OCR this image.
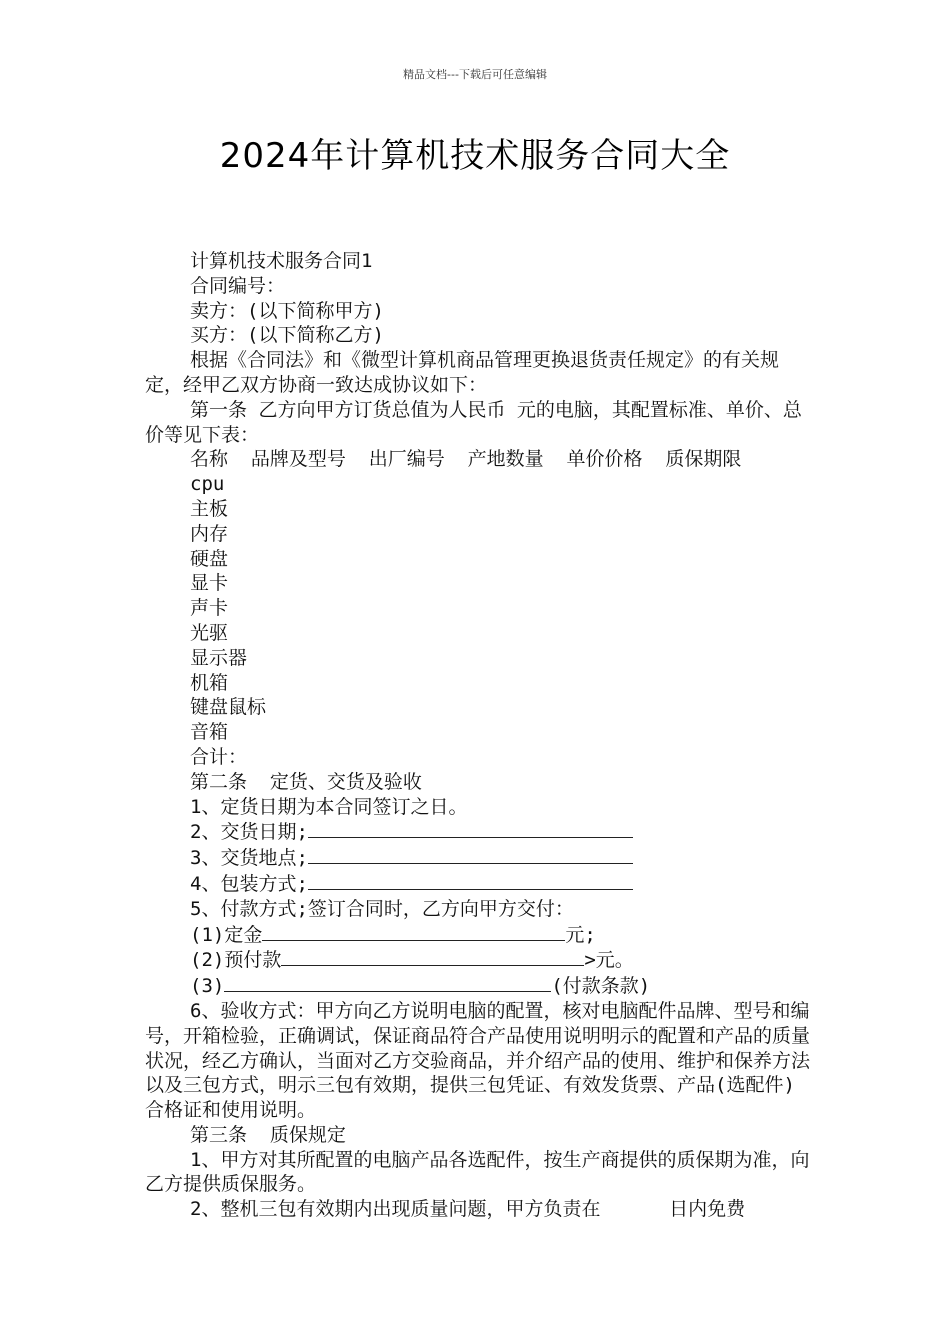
精品文档---下载后可任意编辑
2024年计算机技术服务合同大全
计算机技术服务合同1
合同编号：
卖方：(以下简称甲方)
买方：(以下简称乙方)

根据《合同法》和《微型计算机商品管理更换退货责任规定》的有关规定，经甲乙双方协商一致达成协议如下：

第一条 乙方向甲方订货总值为人民币 元的电脑，其配置标准、单价、总价等见下表：

名称  品牌及型号  出厂编号  产地数量  单价价格  质保期限
cpu
主板
内存
硬盘
显卡
声卡
光驱
显示器
机箱
键盘鼠标
音箱
合计：
第二条  定货、交货及验收
1、定货日期为本合同签订之日。
2、交货日期;
3、交货地点;
4、包装方式;
5、付款方式;签订合同时，乙方向甲方交付：
(1)定金	元;
(2)预付款	>元。
(3)	(付款条款)

6、验收方式：甲方向乙方说明电脑的配置，核对电脑配件品牌、型号和编号，开箱检验，正确调试，保证商品符合产品使用说明明示的配置和产品的质量状况，经乙方确认，当面对乙方交验商品，并介绍产品的使用、维护和保养方法以及三包方式，明示三包有效期，提供三包凭证、有效发货票、产品(选配件)合格证和使用说明。

第三条  质保规定

1、甲方对其所配置的电脑产品各选配件，按生产商提供的质保期为准，向乙方提供质保服务。

2、整机三包有效期内出现质量问题，甲方负责在      日内免费
